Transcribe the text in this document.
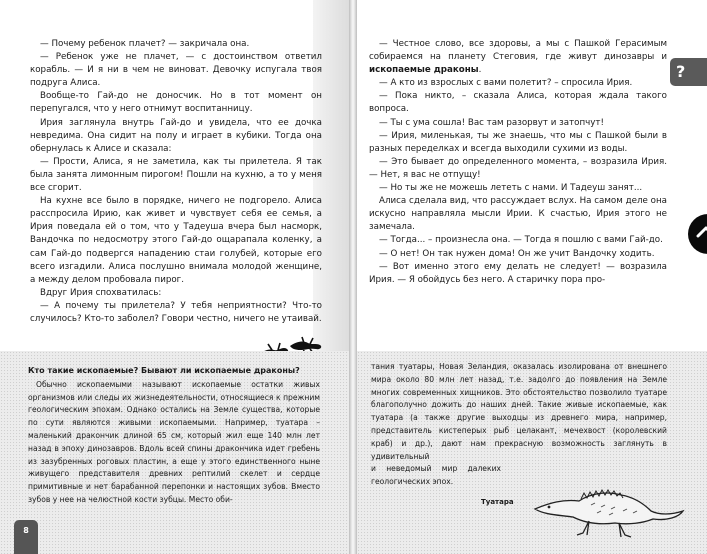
— Почему ребенок плачет? — закричала она.

— Ребенок уже не плачет, — с достоинством ответил корабль. — И я ни в чем не виноват. Девочку испугала твоя подруга Алиса.

Вообще-то Гай-до не доносчик. Но в тот момент он перепугался, что у него отнимут воспитанницу.

Ирия заглянула внутрь Гай-до и увидела, что ее дочка невредима. Она сидит на полу и играет в кубики. Тогда она обернулась к Алисе и сказала:

— Прости, Алиса, я не заметила, как ты прилетела. Я так была занята лимонным пирогом! Пошли на кухню, а то у меня все сгорит.

На кухне все было в порядке, ничего не подгорело. Алиса расспросила Ирию, как живет и чувствует себя ее семья, а Ирия поведала ей о том, что у Тадеуша вчера был насморк, Вандочка по недосмотру этого Гай-до ощарапала коленку, а сам Гай-до подвергся нападению стаи голубей, которые его всего изгадили. Алиса послушно внимала молодой женщине, а между делом пробовала пирог.

Вдруг Ирия спохватилась:

— А почему ты прилетела? У тебя неприятности? Что-то случилось? Кто-то заболел? Говори честно, ничего не утаивай.

Кто такие ископаемые? Бывают ли ископаемые драконы?

Обычно ископаемыми называют ископаемые остатки живых организмов или следы их жизнедеятельности, относящиеся к прежним геологическим эпохам. Однако остались на Земле существа, которые по сути являются живыми ископаемыми. Например, туатара – маленький дракончик длиной 65 см, который жил еще 140 млн лет назад в эпоху динозавров. Вдоль всей спины дракончика идет гребень из зазубренных роговых пластин, а еще у этого единственного ныне живущего представителя древних рептилий скелет и сердце примитивные и нет барабанной перепонки и настоящих зубов. Вместо зубов у нее на челюстной кости зубцы. Место оби-

8

— Честное слово, все здоровы, а мы с Пашкой Герасимым собираемся на планету Стеговия, где живут динозавры и ископаемые драконы.

— А кто из взрослых с вами полетит? – спросила Ирия.

— Пока никто, – сказала Алиса, которая ждала такого вопроса.

— Ты с ума сошла! Вас там разорвут и затопчут!

— Ирия, миленькая, ты же знаешь, что мы с Пашкой были в разных переделках и всегда выходили сухими из воды.

— Это бывает до определенного момента, – возразила Ирия. — Нет, я вас не отпущу!

— Но ты же не можешь лететь с нами. И Тадеуш занят...

Алиса сделала вид, что рассуждает вслух. На самом деле она искусно направляла мысли Ирии. К счастью, Ирия этого не замечала.

— Тогда... – произнесла она. — Тогда я пошлю с вами Гай-до.

— О нет! Он так нужен дома! Он же учит Вандочку ходить.

— Вот именно этого ему делать не следует! — возразила Ирия. — Я обойдусь без него. А старичку пора про-

тания туатары, Новая Зеландия, оказалась изолирована от внешнего мира около 80 млн лет назад, т.е. задолго до появления на Земле многих современных хищников. Это обстоятельство позволило туатаре благополучно дожить до наших дней. Такие живые ископаемые, как туатара (а также другие выходцы из древнего мира, например, представитель кистеперых рыб целакант, мечехвост (королевский краб) и др.), дают нам прекрасную возможность заглянуть в удивительный

и неведомый мир далеких геологических эпох.

Туатара
?
